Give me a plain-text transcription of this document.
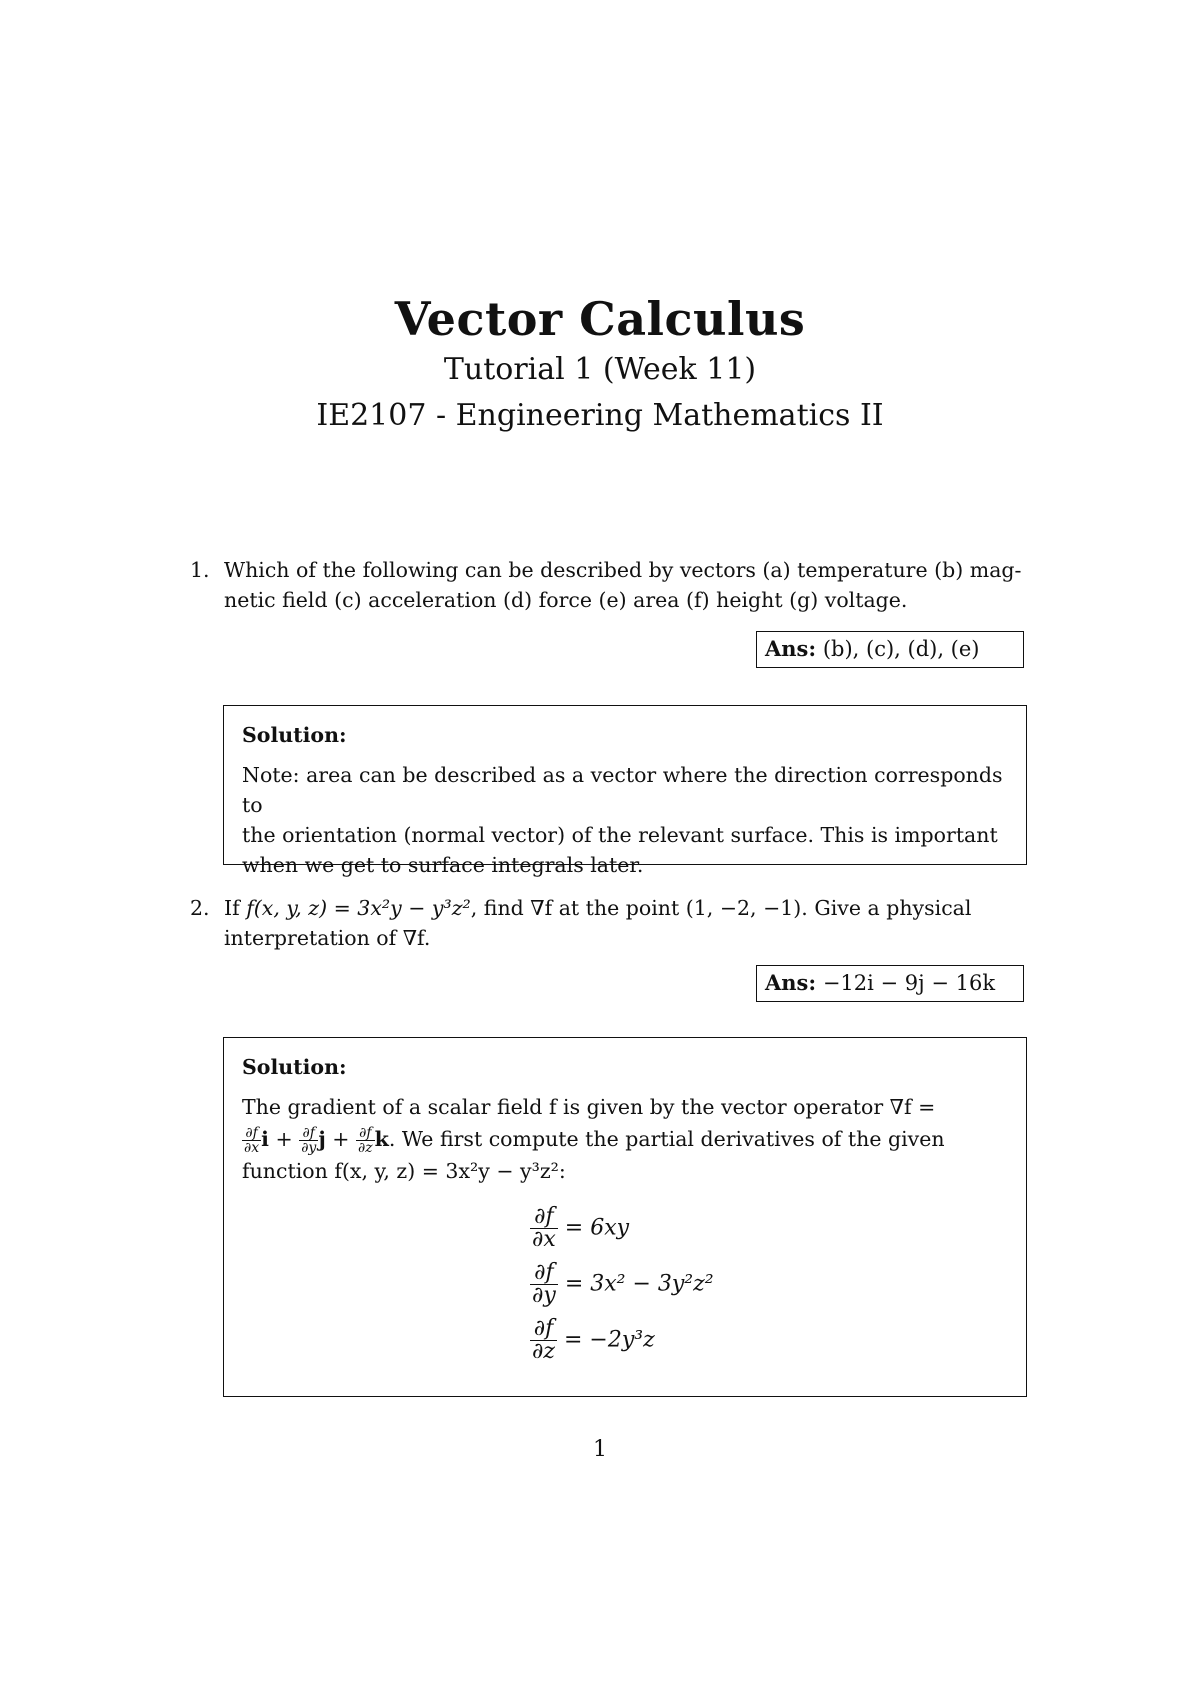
Vector Calculus
Tutorial 1 (Week 11)
IE2107 - Engineering Mathematics II
1. Which of the following can be described by vectors (a) temperature (b) mag-
netic field (c) acceleration (d) force (e) area (f) height (g) voltage.
Ans: (b), (c), (d), (e)
Solution:
Note: area can be described as a vector where the direction corresponds to
the orientation (normal vector) of the relevant surface. This is important
when we get to surface integrals later.
2. If f(x, y, z) = 3x²y − y³z², find ∇f at the point (1, −2, −1). Give a physical
interpretation of ∇f.
Ans: −12i − 9j − 16k
Solution:
The gradient of a scalar field f is given by the vector operator ∇f =
$\frac{\partial f}{\partial x}$ $i + \frac{\partial f}{\partial y}$ $j + \frac{\partial f}{\partial z} k$. We first compute the partial derivatives of the given
function f(x, y, z) = 3x²y − y³z²:
$\frac{\partial f}{\partial x} = 6xy$
$\frac{\partial f}{\partial y} = 3x^2 - 3y^2z^2$
$\frac{\partial f}{\partial z} = -2y^3z$
1
